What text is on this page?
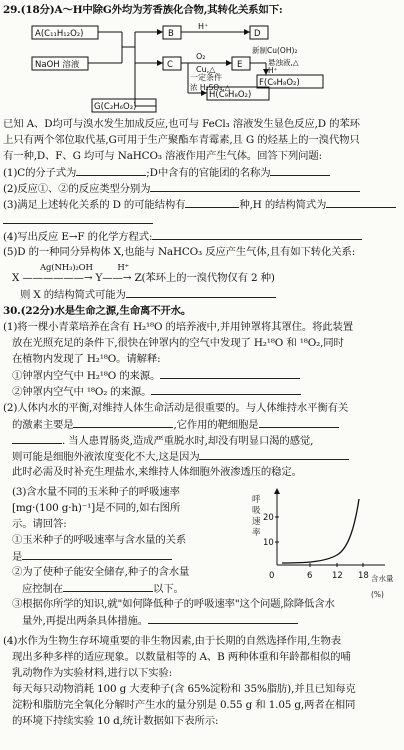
29.(18分)A～H中除G外均为芳香族化合物,其转化关系如下:
A(C₁₁H₁₂O₂)
NaOH 溶液
B
C
D
E
F(C₉H₈O₂)
H(C₉H₈O₂)
G(C₂H₆O₂)
H⁺
O₂
Cu,△
一定条件
浓 H₂SO₄,△
新制Cu(OH)₂
悬浊液,△
H⁺
已知 A、D均可与溴水发生加成反应,也可与 FeCl₃ 溶液发生显色反应,D 的苯环
上只有两个邻位取代基,G可用于生产聚酯车青霉素,且 G 的烃基上的一溴代物只
有一种,D、F、G 均可与 NaHCO₃ 溶液作用产生气体。回答下列问题:
(1)C的分子式为	;D中含有的官能团的名称为
(2)反应①、②的反应类型分别为
(3)满足上述转化关系的 D 的可能结构有	种,H 的结构简式为
(4)写出反应 E→F 的化学方程式:
(5)D 的一种同分异构体 X,也能与 NaHCO₃ 反应产生气体,且有如下转化关系:
Ag(NH₃)₂OH	H⁺
X ——————→ Y——→ Z(苯环上的一溴代物仅有 2 种)
则 X 的结构简式可能为
30.(22分)水是生命之源,生命离不开水。
(1)将一棵小青菜培养在含有 H₂¹⁸O 的培养液中,并用钟罩将其罩住。将此装置
放在光照充足的条件下,很快在钟罩内的空气中发现了 H₂¹⁸O 和 ¹⁸O₂,同时
在植物内发现了 H₂¹⁸O。请解释:
①钟罩内空气中 H₂¹⁸O 的来源。
②钟罩内空气中 ¹⁸O₂ 的来源。
(2)人体内水的平衡,对维持人体生命活动是很重要的。与人体维持水平衡有关
的激素主要是	,它作用的靶细胞是
. 当人患胃肠炎,造成严重脱水时,却没有明显口渴的感觉,
则可能是细胞外液浓度变化不大,这是因为
此时必需及时补充生理盐水,来维持人体细胞外液渗透压的稳定。
(3)含水量不同的玉米种子的呼吸速率
[mg·(100 g·h)⁻¹]是不同的,如右图所
示。请回答:
①玉米种子的呼吸速率与含水量的关系
是
②为了使种子能安全储存,种子的含水量
应控制在	以下。
③根据你所学的知识,就"如何降低种子的呼吸速率"这个问题,除降低含水
量外,再提出两条具体措施。
呼吸速率
20
10
0	6 12 18 含水量(%)
(4)水作为生物生存环境重要的非生物因素,由于长期的自然选择作用,生物表
现出多种多样的适应现象。以数量相等的 A、B 两种体重和年龄都相似的哺
乳动物作为实验材料,进行以下实验:
每天每只动物消耗 100 g 大麦种子(含 65%淀粉和 35%脂肪),并且已知每克
淀粉和脂肪完全氧化分解时产生水的量分别是 0.55 g 和 1.05 g,两者在相同
的环境下持续实验 10 d,统计数据如下表所示:
